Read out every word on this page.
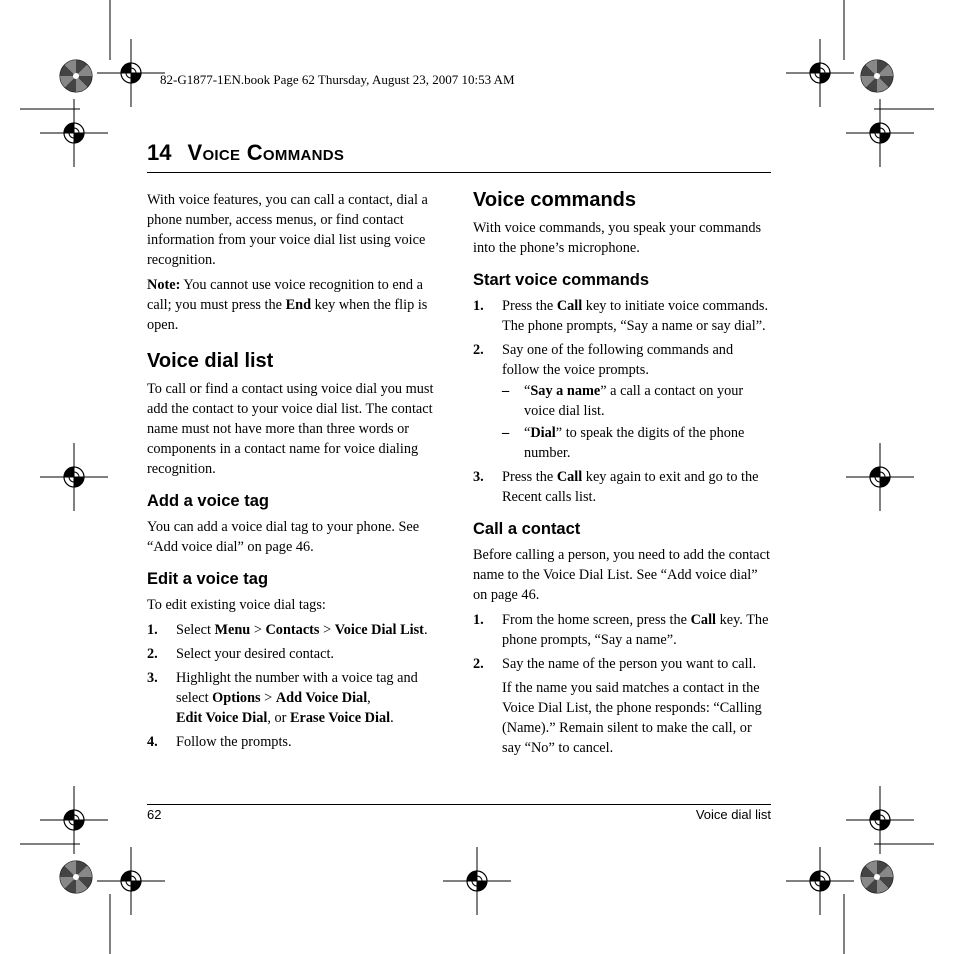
82-G1877-1EN.book Page 62 Thursday, August 23, 2007 10:53 AM
14 Voice Commands

With voice features, you can call a contact, dial a phone number, access menus, or find contact information from your voice dial list using voice recognition.

Note: You cannot use voice recognition to end a call; you must press the End key when the flip is open.

Voice dial list

To call or find a contact using voice dial you must add the contact to your voice dial list. The contact name must not have more than three words or components in a contact name for voice dialing recognition.

Add a voice tag

You can add a voice dial tag to your phone. See “Add voice dial” on page 46.

Edit a voice tag

To edit existing voice dial tags:

1. Select Menu > Contacts > Voice Dial List.
2. Select your desired contact.
3. Highlight the number with a voice tag and select Options > Add Voice Dial,
Edit Voice Dial, or Erase Voice Dial.
4. Follow the prompts.
Voice commands

With voice commands, you speak your commands into the phone’s microphone.

Start voice commands
1. Press the Call key to initiate voice commands. The phone prompts, “Say a name or say dial”.
2. Say one of the following commands and follow the voice prompts.
– “Say a name” a call a contact on your voice dial list.
– “Dial” to speak the digits of the phone number.
3. Press the Call key again to exit and go to the Recent calls list.
Call a contact

Before calling a person, you need to add the contact name to the Voice Dial List. See “Add voice dial” on page 46.

1. From the home screen, press the Call key. The phone prompts, “Say a name”.
2. Say the name of the person you want to call.

If the name you said matches a contact in the Voice Dial List, the phone responds: “Calling (Name).” Remain silent to make the call, or say “No” to cancel.

62	Voice dial list
